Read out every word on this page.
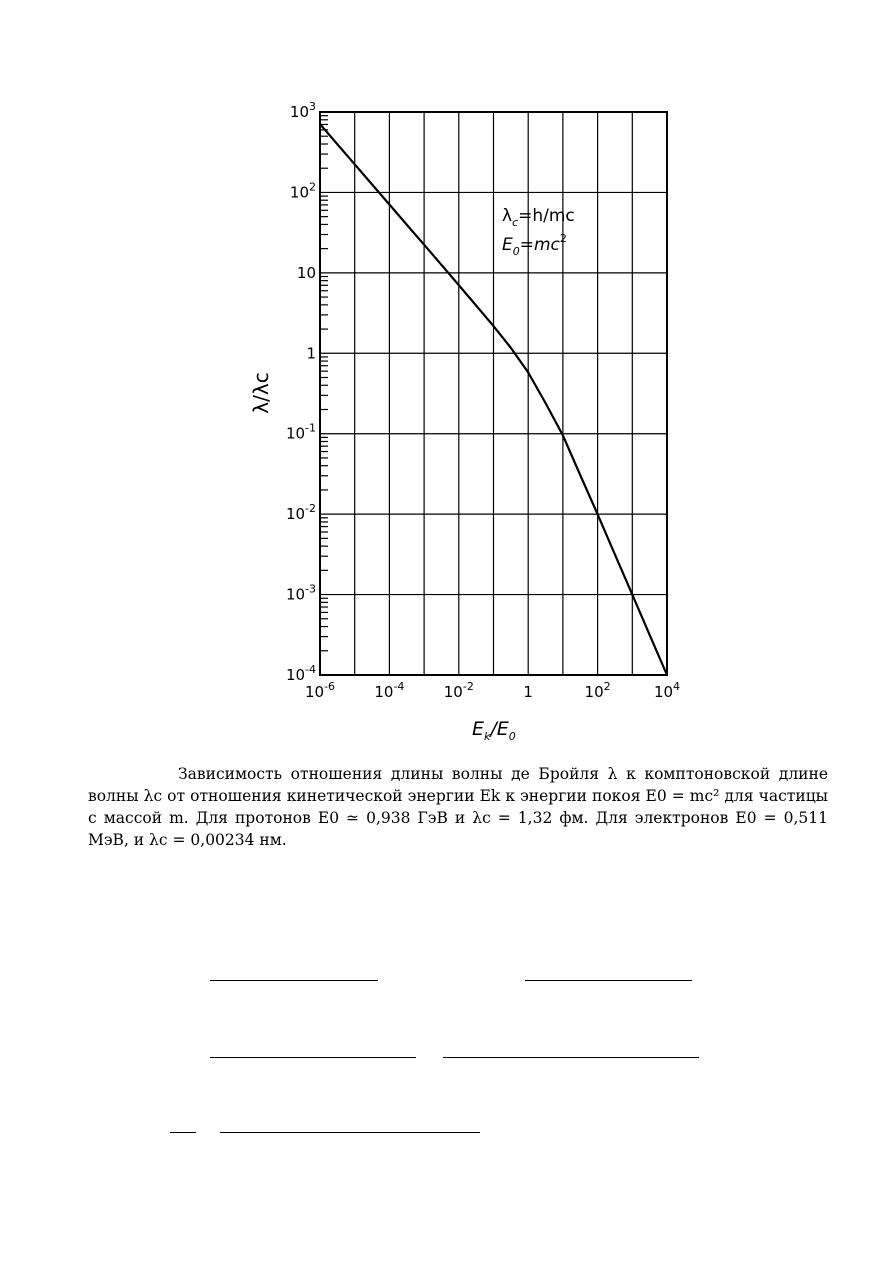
$10^{-6}$	$10^{-4}$	$10^{-2}$	1	$10^2$	$10^4$
$10^{-4}$
$10^{-3}$
$10^{-2}$
$10^{-1}$
1
10
$10^2$
$10^3$
$E_k/E_0$
λ/λc
$\lambda_c=h/mc$
$E_0=mc^2$

Зависимость отношения длины волны де Бройля λ к комптоновской длине волны λc от отношения кинетической энергии Ek к энергии покоя E0 = mc² для частицы с массой m. Для протонов E0 ≃ 0,938 ГэВ и λc = 1,32 фм. Для электронов E0 = 0,511 МэВ, и λc = 0,00234 нм.
